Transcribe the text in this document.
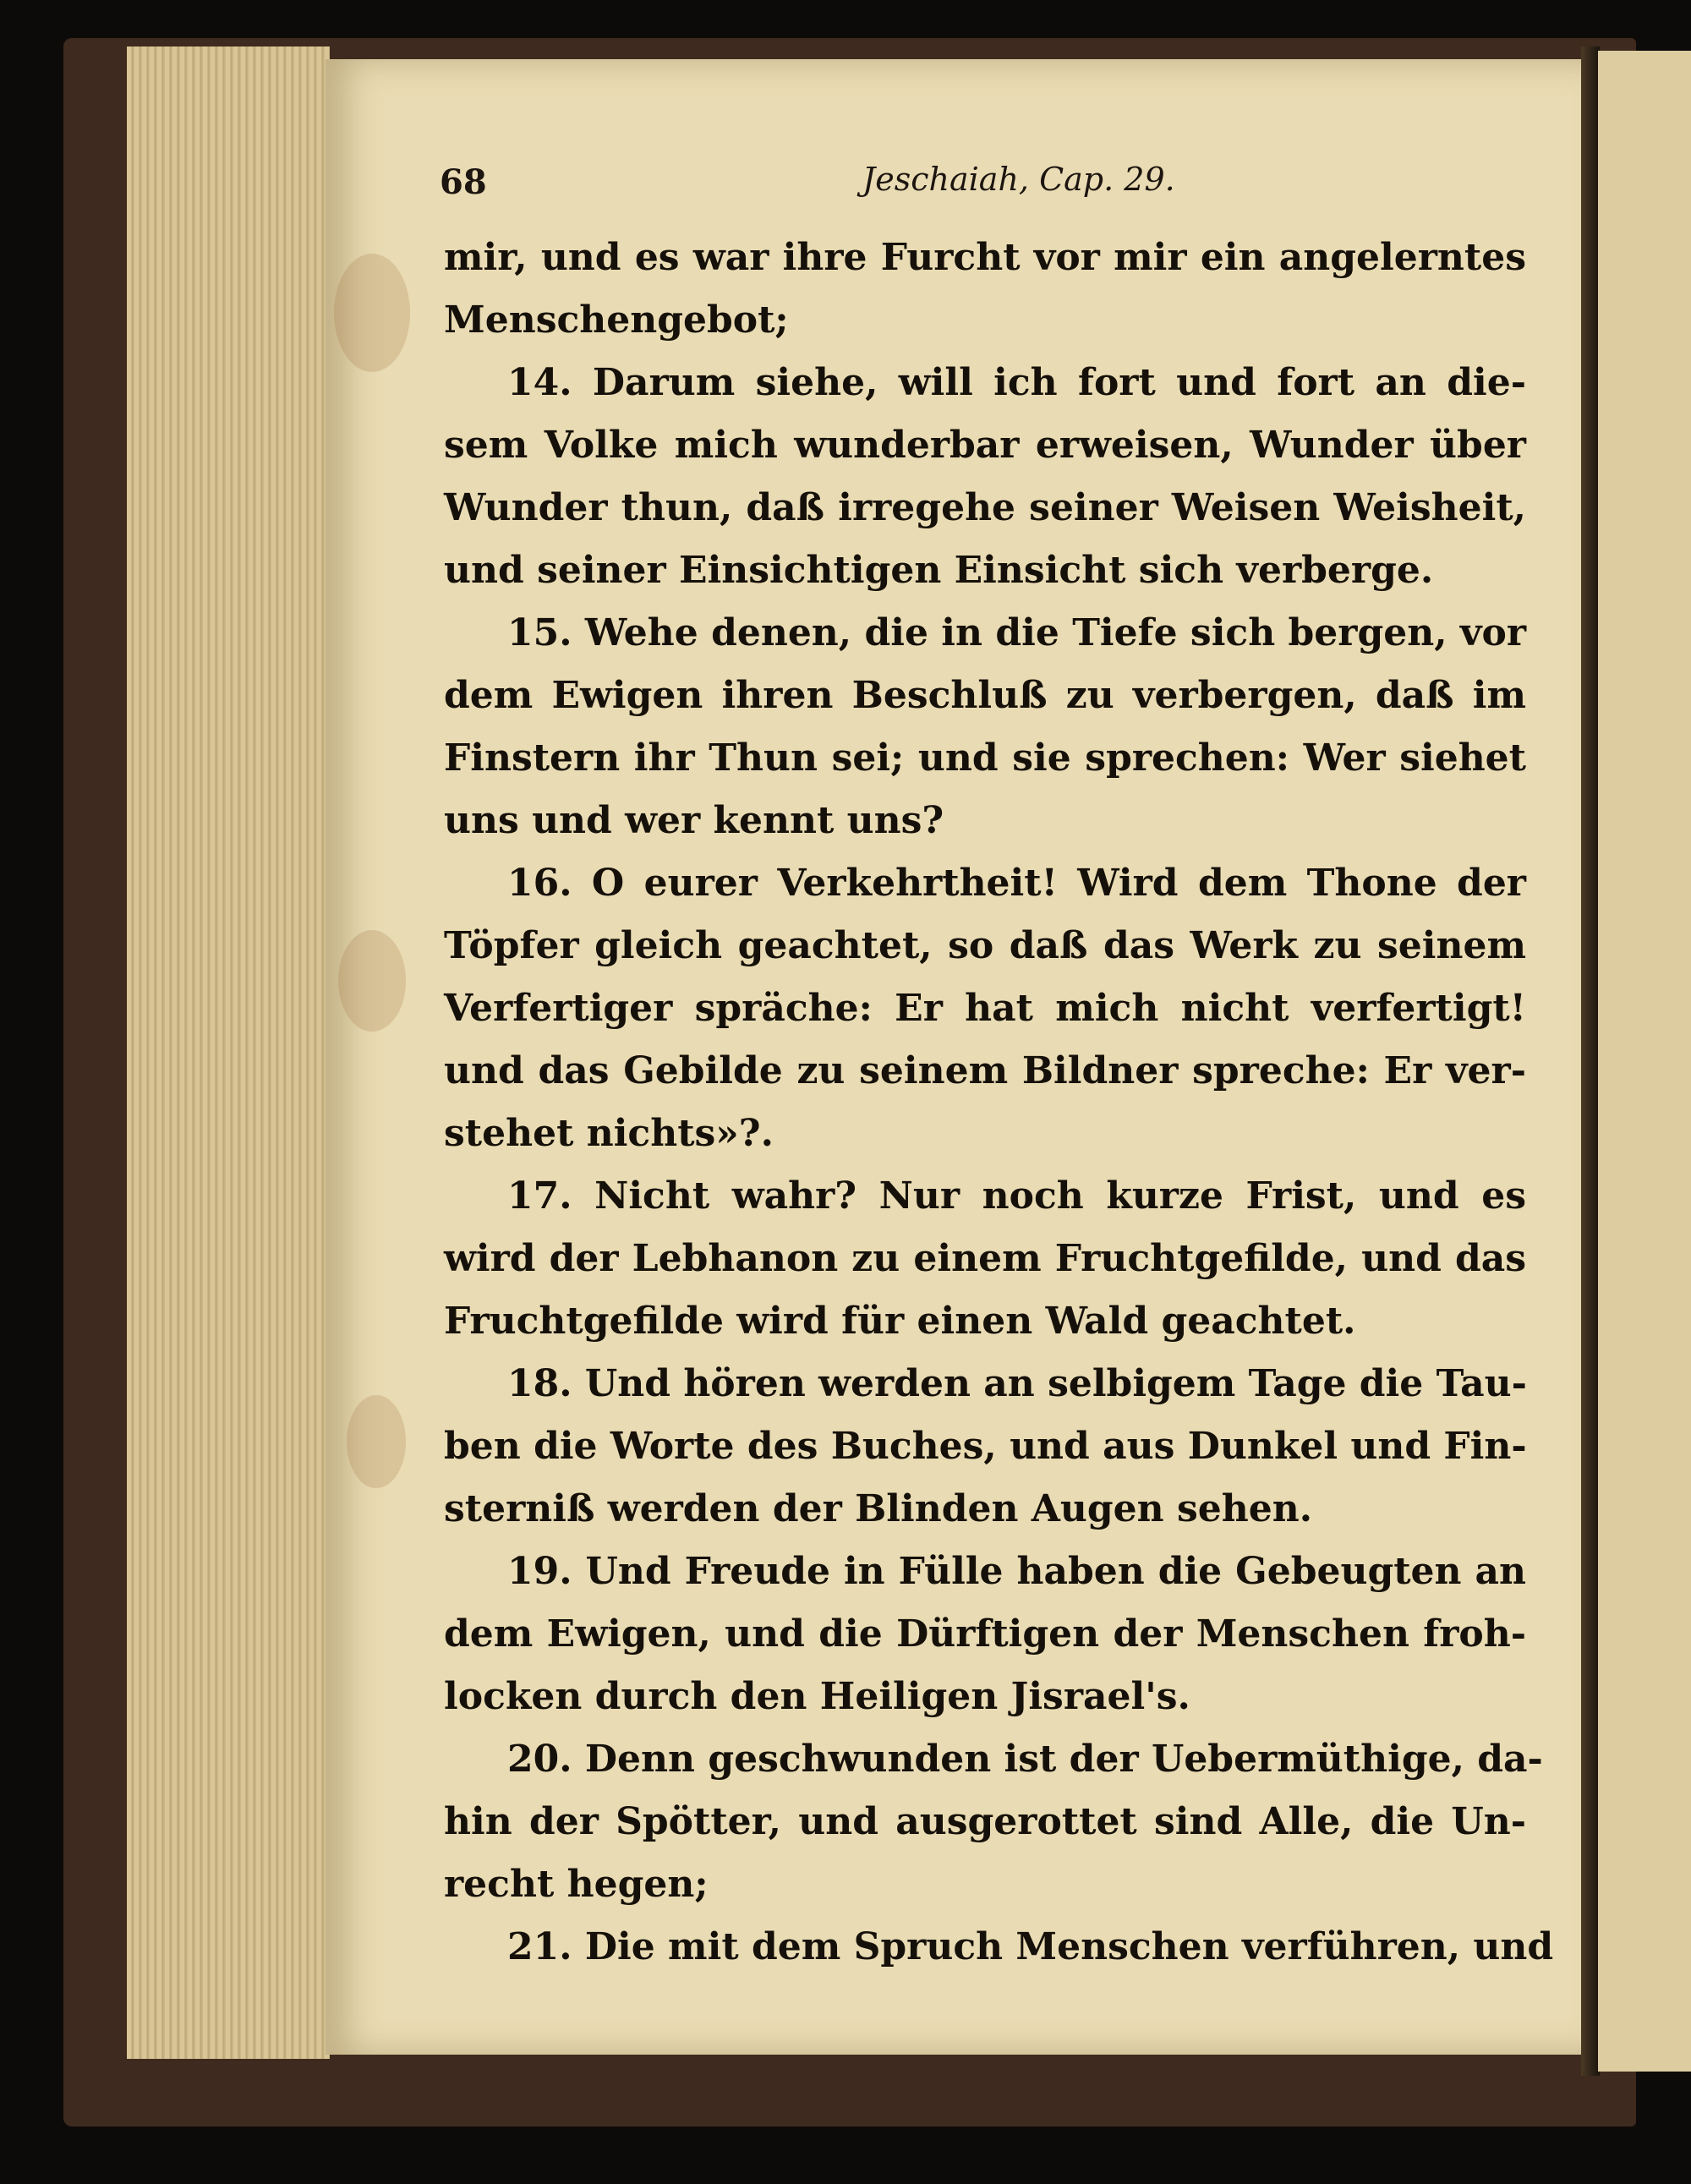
68	Jeschaiah, Cap. 29.
mir, und es war ihre Furcht vor mir ein angelerntes
Menschengebot;
14. Darum siehe, will ich fort und fort an die-
sem Volke mich wunderbar erweisen, Wunder über
Wunder thun, daß irregehe seiner Weisen Weisheit,
und seiner Einsichtigen Einsicht sich verberge.
15. Wehe denen, die in die Tiefe sich bergen, vor
dem Ewigen ihren Beschluß zu verbergen, daß im
Finstern ihr Thun sei; und sie sprechen: Wer siehet
uns und wer kennt uns?
16. O eurer Verkehrtheit! Wird dem Thone der
Töpfer gleich geachtet, so daß das Werk zu seinem
Verfertiger spräche: Er hat mich nicht verfertigt!
und das Gebilde zu seinem Bildner spreche: Er ver-
stehet nichts»?.
17. Nicht wahr? Nur noch kurze Frist, und es
wird der Lebhanon zu einem Fruchtgefilde, und das
Fruchtgefilde wird für einen Wald geachtet.
18. Und hören werden an selbigem Tage die Tau-
ben die Worte des Buches, und aus Dunkel und Fin-
sterniß werden der Blinden Augen sehen.
19. Und Freude in Fülle haben die Gebeugten an
dem Ewigen, und die Dürftigen der Menschen froh-
locken durch den Heiligen Jisrael's.
20. Denn geschwunden ist der Uebermüthige, da-
hin der Spötter, und ausgerottet sind Alle, die Un-
recht hegen;
21. Die mit dem Spruch Menschen verführen, und
